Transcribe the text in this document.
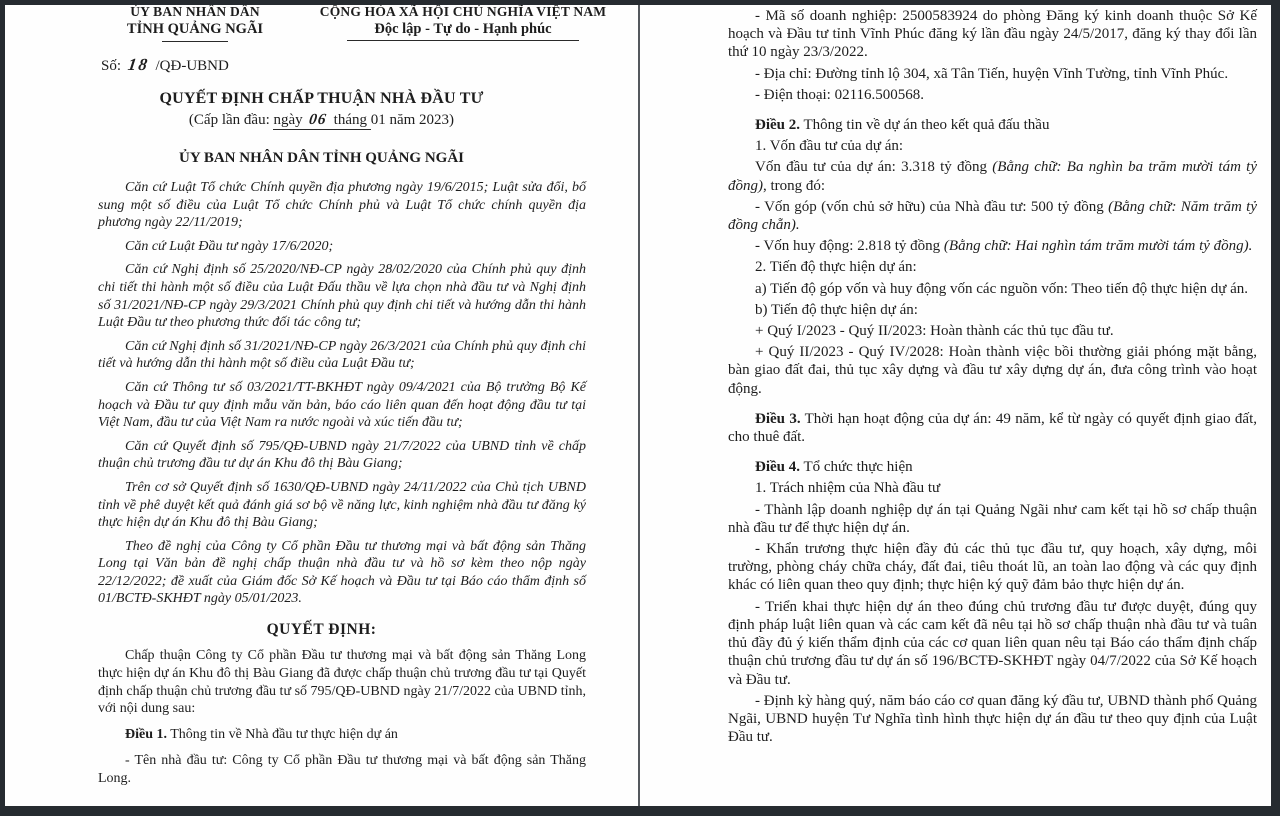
ỦY BAN NHÂN DÂN
TỈNH QUẢNG NGÃI
CỘNG HÒA XÃ HỘI CHỦ NGHĨA VIỆT NAM
Độc lập - Tự do - Hạnh phúc
Số: 18 /QĐ-UBND
QUYẾT ĐỊNH CHẤP THUẬN NHÀ ĐẦU TƯ
(Cấp lần đầu: ngày 06 tháng 01 năm 2023)
ỦY BAN NHÂN DÂN TỈNH QUẢNG NGÃI

Căn cứ Luật Tổ chức Chính quyền địa phương ngày 19/6/2015; Luật sửa đổi, bổ sung một số điều của Luật Tổ chức Chính phủ và Luật Tổ chức chính quyền địa phương ngày 22/11/2019;

Căn cứ Luật Đầu tư ngày 17/6/2020;

Căn cứ Nghị định số 25/2020/NĐ-CP ngày 28/02/2020 của Chính phủ quy định chi tiết thi hành một số điều của Luật Đấu thầu về lựa chọn nhà đầu tư và Nghị định số 31/2021/NĐ-CP ngày 29/3/2021 Chính phủ quy định chi tiết và hướng dẫn thi hành Luật Đầu tư theo phương thức đối tác công tư;

Căn cứ Nghị định số 31/2021/NĐ-CP ngày 26/3/2021 của Chính phủ quy định chi tiết và hướng dẫn thi hành một số điều của Luật Đầu tư;

Căn cứ Thông tư số 03/2021/TT-BKHĐT ngày 09/4/2021 của Bộ trưởng Bộ Kế hoạch và Đầu tư quy định mẫu văn bản, báo cáo liên quan đến hoạt động đầu tư tại Việt Nam, đầu tư của Việt Nam ra nước ngoài và xúc tiến đầu tư;

Căn cứ Quyết định số 795/QĐ-UBND ngày 21/7/2022 của UBND tỉnh về chấp thuận chủ trương đầu tư dự án Khu đô thị Bàu Giang;

Trên cơ sở Quyết định số 1630/QĐ-UBND ngày 24/11/2022 của Chủ tịch UBND tỉnh về phê duyệt kết quả đánh giá sơ bộ về năng lực, kinh nghiệm nhà đầu tư đăng ký thực hiện dự án Khu đô thị Bàu Giang;

Theo đề nghị của Công ty Cổ phần Đầu tư thương mại và bất động sản Thăng Long tại Văn bản đề nghị chấp thuận nhà đầu tư và hồ sơ kèm theo nộp ngày 22/12/2022; đề xuất của Giám đốc Sở Kế hoạch và Đầu tư tại Báo cáo thẩm định số 01/BCTĐ-SKHĐT ngày 05/01/2023.

QUYẾT ĐỊNH:

Chấp thuận Công ty Cổ phần Đầu tư thương mại và bất động sản Thăng Long thực hiện dự án Khu đô thị Bàu Giang đã được chấp thuận chủ trương đầu tư tại Quyết định chấp thuận chủ trương đầu tư số 795/QĐ-UBND ngày 21/7/2022 của UBND tỉnh, với nội dung sau:

Điều 1. Thông tin về Nhà đầu tư thực hiện dự án

- Tên nhà đầu tư: Công ty Cổ phần Đầu tư thương mại và bất động sản Thăng Long.

- Mã số doanh nghiệp: 2500583924 do phòng Đăng ký kinh doanh thuộc Sở Kế hoạch và Đầu tư tỉnh Vĩnh Phúc đăng ký lần đầu ngày 24/5/2017, đăng ký thay đổi lần thứ 10 ngày 23/3/2022.

- Địa chỉ: Đường tỉnh lộ 304, xã Tân Tiến, huyện Vĩnh Tường, tỉnh Vĩnh Phúc.

- Điện thoại: 02116.500568.

Điều 2. Thông tin về dự án theo kết quả đấu thầu

1. Vốn đầu tư của dự án:

Vốn đầu tư của dự án: 3.318 tỷ đồng (Bằng chữ: Ba nghìn ba trăm mười tám tỷ đồng), trong đó:

- Vốn góp (vốn chủ sở hữu) của Nhà đầu tư: 500 tỷ đồng (Bằng chữ: Năm trăm tỷ đồng chẵn).

- Vốn huy động: 2.818 tỷ đồng (Bằng chữ: Hai nghìn tám trăm mười tám tỷ đồng).

2. Tiến độ thực hiện dự án:

a) Tiến độ góp vốn và huy động vốn các nguồn vốn: Theo tiến độ thực hiện dự án.

b) Tiến độ thực hiện dự án:

+ Quý I/2023 - Quý II/2023: Hoàn thành các thủ tục đầu tư.

+ Quý II/2023 - Quý IV/2028: Hoàn thành việc bồi thường giải phóng mặt bằng, bàn giao đất đai, thủ tục xây dựng và đầu tư xây dựng dự án, đưa công trình vào hoạt động.

Điều 3. Thời hạn hoạt động của dự án: 49 năm, kể từ ngày có quyết định giao đất, cho thuê đất.

Điều 4. Tổ chức thực hiện

1. Trách nhiệm của Nhà đầu tư

- Thành lập doanh nghiệp dự án tại Quảng Ngãi như cam kết tại hồ sơ chấp thuận nhà đầu tư để thực hiện dự án.

- Khẩn trương thực hiện đầy đủ các thủ tục đầu tư, quy hoạch, xây dựng, môi trường, phòng cháy chữa cháy, đất đai, tiêu thoát lũ, an toàn lao động và các quy định khác có liên quan theo quy định; thực hiện ký quỹ đảm bảo thực hiện dự án.

- Triển khai thực hiện dự án theo đúng chủ trương đầu tư được duyệt, đúng quy định pháp luật liên quan và các cam kết đã nêu tại hồ sơ chấp thuận nhà đầu tư và tuân thủ đầy đủ ý kiến thẩm định của các cơ quan liên quan nêu tại Báo cáo thẩm định chấp thuận chủ trương đầu tư dự án số 196/BCTĐ-SKHĐT ngày 04/7/2022 của Sở Kế hoạch và Đầu tư.

- Định kỳ hàng quý, năm báo cáo cơ quan đăng ký đầu tư, UBND thành phố Quảng Ngãi, UBND huyện Tư Nghĩa tình hình thực hiện dự án đầu tư theo quy định của Luật Đầu tư.
